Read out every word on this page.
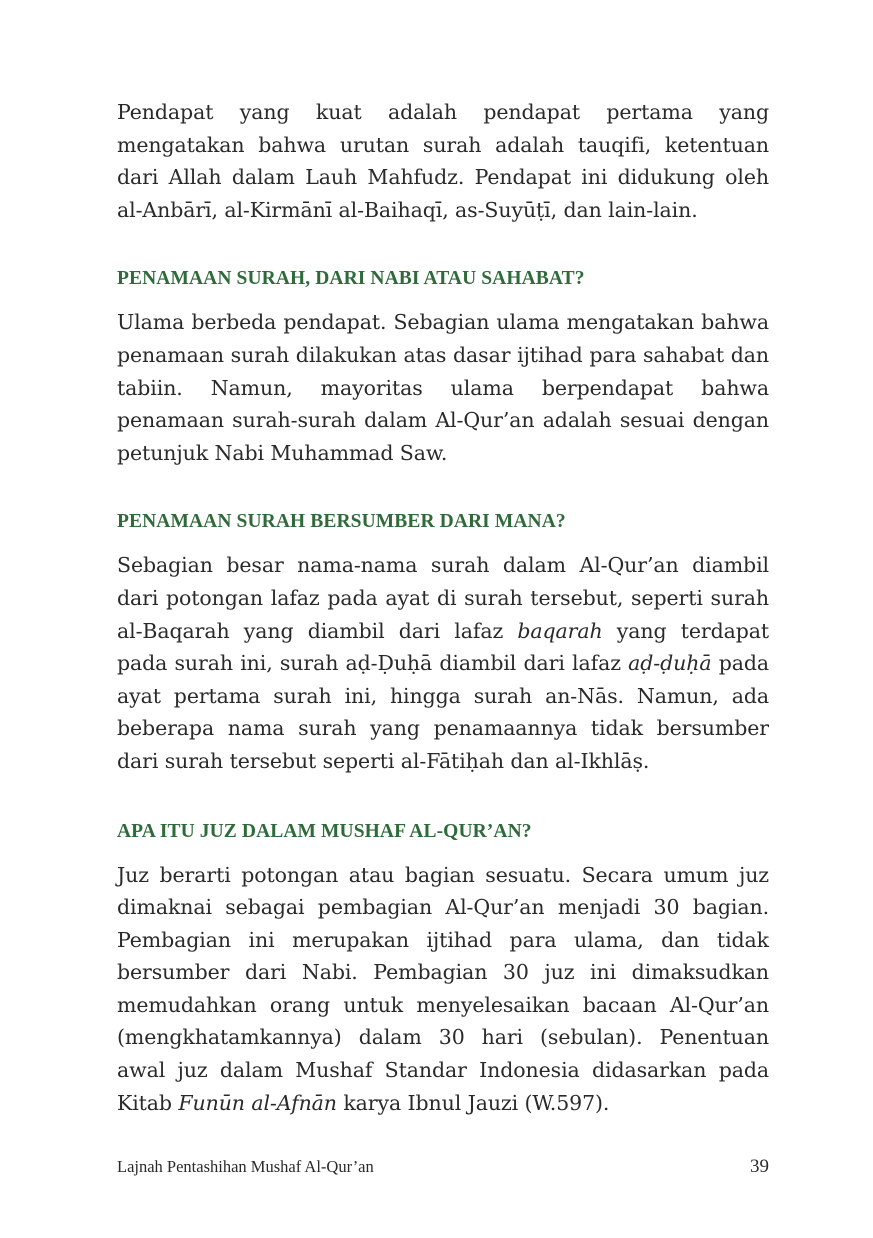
Pendapat yang kuat adalah pendapat pertama yang mengatakan bahwa urutan surah adalah tauqifi, ketentuan dari Allah dalam Lauh Mahfudz. Pendapat ini didukung oleh al-Anbārī, al-Kirmānī al-Baihaqī, as-Suyūṭī, dan lain-lain.

PENAMAAN SURAH, DARI NABI ATAU SAHABAT?

Ulama berbeda pendapat. Sebagian ulama mengatakan bahwa penamaan surah dilakukan atas dasar ijtihad para sahabat dan tabiin. Namun, mayoritas ulama berpendapat bahwa penamaan surah-surah dalam Al-Qur’an adalah sesuai dengan petunjuk Nabi Muhammad Saw.

PENAMAAN SURAH BERSUMBER DARI MANA?

Sebagian besar nama-nama surah dalam Al-Qur’an diambil dari potongan lafaz pada ayat di surah tersebut, seperti surah al-Baqarah yang diambil dari lafaz baqarah yang terdapat pada surah ini, surah aḍ-Ḍuḥā diambil dari lafaz aḍ-ḍuḥā pada ayat pertama surah ini, hingga surah an-Nās. Namun, ada beberapa nama surah yang penamaannya tidak bersumber dari surah tersebut seperti al-Fātiḥah dan al-Ikhlāṣ.

APA ITU JUZ DALAM MUSHAF AL-QUR’AN?

Juz berarti potongan atau bagian sesuatu. Secara umum juz dimaknai sebagai pembagian Al-Qur’an menjadi 30 bagian. Pembagian ini merupakan ijtihad para ulama, dan tidak bersumber dari Nabi. Pembagian 30 juz ini dimaksudkan memudahkan orang untuk menyelesaikan bacaan Al-Qur’an (mengkhatamkannya) dalam 30 hari (sebulan). Penentuan awal juz dalam Mushaf Standar Indonesia didasarkan pada Kitab Funūn al-Afnān karya Ibnul Jauzi (W.597).

Lajnah Pentashihan Mushaf Al-Qur’an	39
